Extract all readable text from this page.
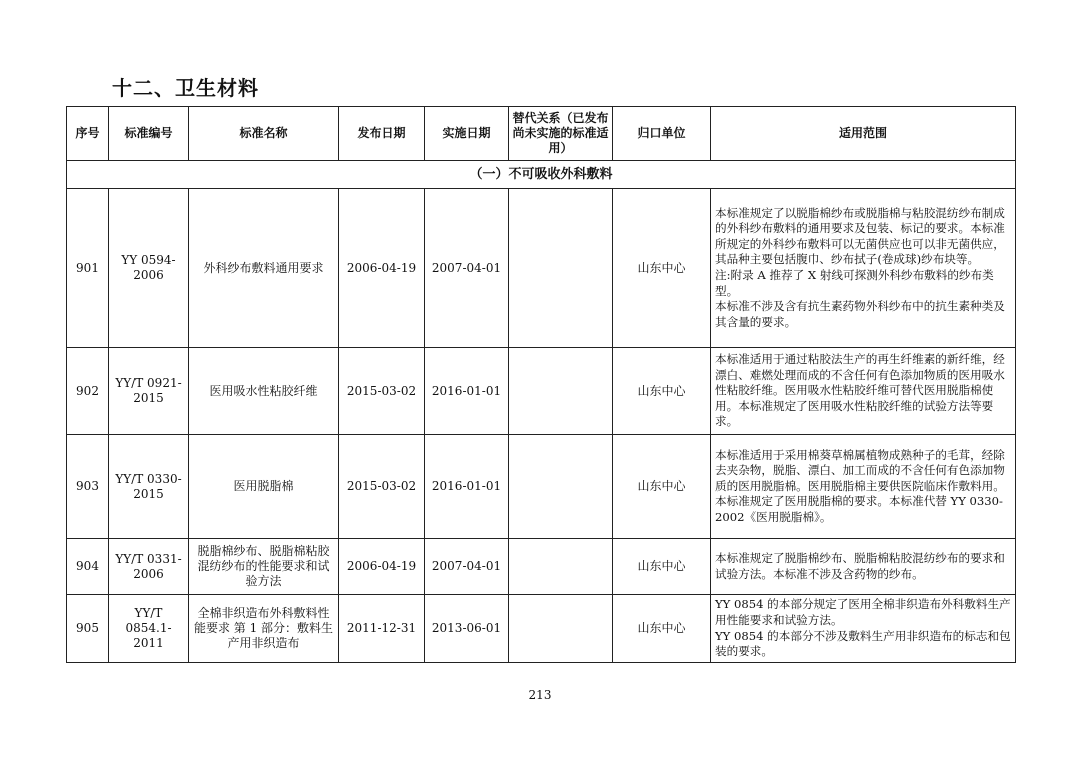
十二、卫生材料
序号	标准编号	标准名称	发布日期	实施日期	替代关系（已发布尚未实施的标准适用）	归口单位	适用范围
（一）不可吸收外科敷料							
901	YY 0594-2006	外科纱布敷料通用要求	2006-04-19	2007-04-01		山东中心	本标准规定了以脱脂棉纱布或脱脂棉与粘胶混纺纱布制成的外科纱布敷料的通用要求及包装、标记的要求。本标准所规定的外科纱布敷料可以无菌供应也可以非无菌供应，其品种主要包括腹巾、纱布拭子(卷成球)纱布块等。
注:附录 A 推荐了 X 射线可探测外科纱布敷料的纱布类型。
本标准不涉及含有抗生素药物外科纱布中的抗生素种类及其含量的要求。

902	YY/T 0921-2015	医用吸水性粘胶纤维	2015-03-02	2016-01-01		山东中心	本标准适用于通过粘胶法生产的再生纤维素的新纤维，经漂白、难燃处理而成的不含任何有色添加物质的医用吸水性粘胶纤维。医用吸水性粘胶纤维可替代医用脱脂棉使用。本标准规定了医用吸水性粘胶纤维的试验方法等要求。

903	YY/T 0330-2015	医用脱脂棉	2015-03-02	2016-01-01		山东中心	本标准适用于采用棉葵草棉属植物成熟种子的毛茸，经除去夹杂物，脱脂、漂白、加工而成的不含任何有色添加物质的医用脱脂棉。医用脱脂棉主要供医院临床作敷料用。本标准规定了医用脱脂棉的要求。本标准代替 YY 0330-2002《医用脱脂棉》。

904	YY/T 0331-2006	脱脂棉纱布、脱脂棉粘胶混纺纱布的性能要求和试验方法	2006-04-19	2007-04-01		山东中心	本标准规定了脱脂棉纱布、脱脂棉粘胶混纺纱布的要求和试验方法。本标准不涉及含药物的纱布。

905	YY/T 0854.1-2011	全棉非织造布外科敷料性能要求 第 1 部分：敷料生产用非织造布	2011-12-31	2013-06-01		山东中心	YY 0854 的本部分规定了医用全棉非织造布外科敷料生产用性能要求和试验方法。
YY 0854 的本部分不涉及敷料生产用非织造布的标志和包装的要求。
213
